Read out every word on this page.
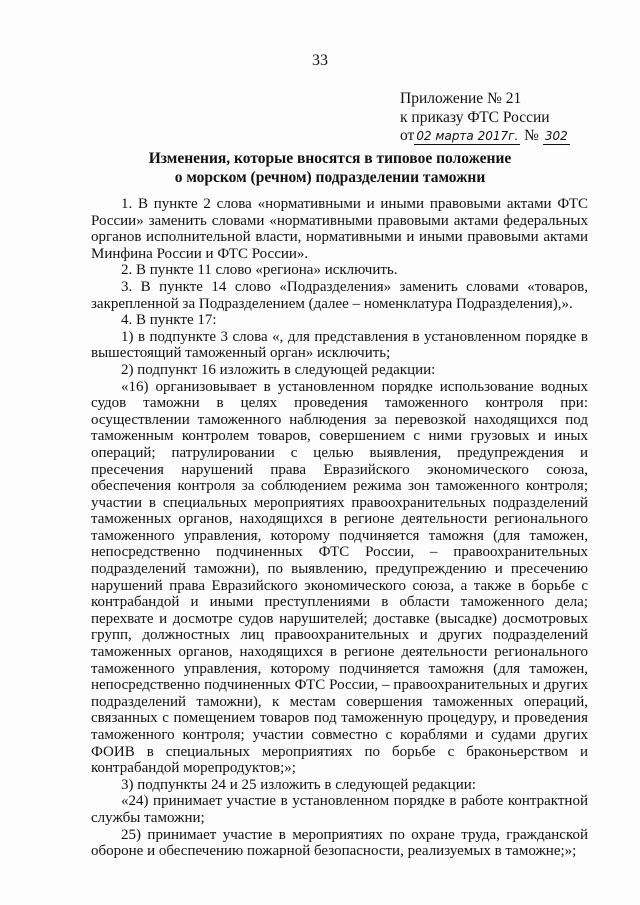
33
Приложение № 21
к приказу ФТС России
от 02 марта 2017г. № 302
Изменения, которые вносятся в типовое положение
о морском (речном) подразделении таможни

1. В пункте 2 слова «нормативными и иными правовыми актами ФТС России» заменить словами «нормативными правовыми актами федеральных органов исполнительной власти, нормативными и иными правовыми актами Минфина России и ФТС России».

2. В пункте 11 слово «региона» исключить.

3. В пункте 14 слово «Подразделения» заменить словами «товаров, закрепленной за Подразделением (далее – номенклатура Подразделения),».

4. В пункте 17:

1) в подпункте 3 слова «, для представления в установленном порядке в вышестоящий таможенный орган» исключить;

2) подпункт 16 изложить в следующей редакции:

«16) организовывает в установленном порядке использование водных судов таможни в целях проведения таможенного контроля при: осуществлении таможенного наблюдения за перевозкой находящихся под таможенным контролем товаров, совершением с ними грузовых и иных операций; патрулировании с целью выявления, предупреждения и пресечения нарушений права Евразийского экономического союза, обеспечения контроля за соблюдением режима зон таможенного контроля; участии в специальных мероприятиях правоохранительных подразделений таможенных органов, находящихся в регионе деятельности регионального таможенного управления, которому подчиняется таможня (для таможен, непосредственно подчиненных ФТС России, – правоохранительных подразделений таможни), по выявлению, предупреждению и пресечению нарушений права Евразийского экономического союза, а также в борьбе с контрабандой и иными преступлениями в области таможенного дела; перехвате и досмотре судов нарушителей; доставке (высадке) досмотровых групп, должностных лиц правоохранительных и других подразделений таможенных органов, находящихся в регионе деятельности регионального таможенного управления, которому подчиняется таможня (для таможен, непосредственно подчиненных ФТС России, – правоохранительных и других подразделений таможни), к местам совершения таможенных операций, связанных с помещением товаров под таможенную процедуру, и проведения таможенного контроля; участии совместно с кораблями и судами других ФОИВ в специальных мероприятиях по борьбе с браконьерством и контрабандой морепродуктов;»;

3) подпункты 24 и 25 изложить в следующей редакции:

«24) принимает участие в установленном порядке в работе контрактной службы таможни;

25) принимает участие в мероприятиях по охране труда, гражданской обороне и обеспечению пожарной безопасности, реализуемых в таможне;»;
